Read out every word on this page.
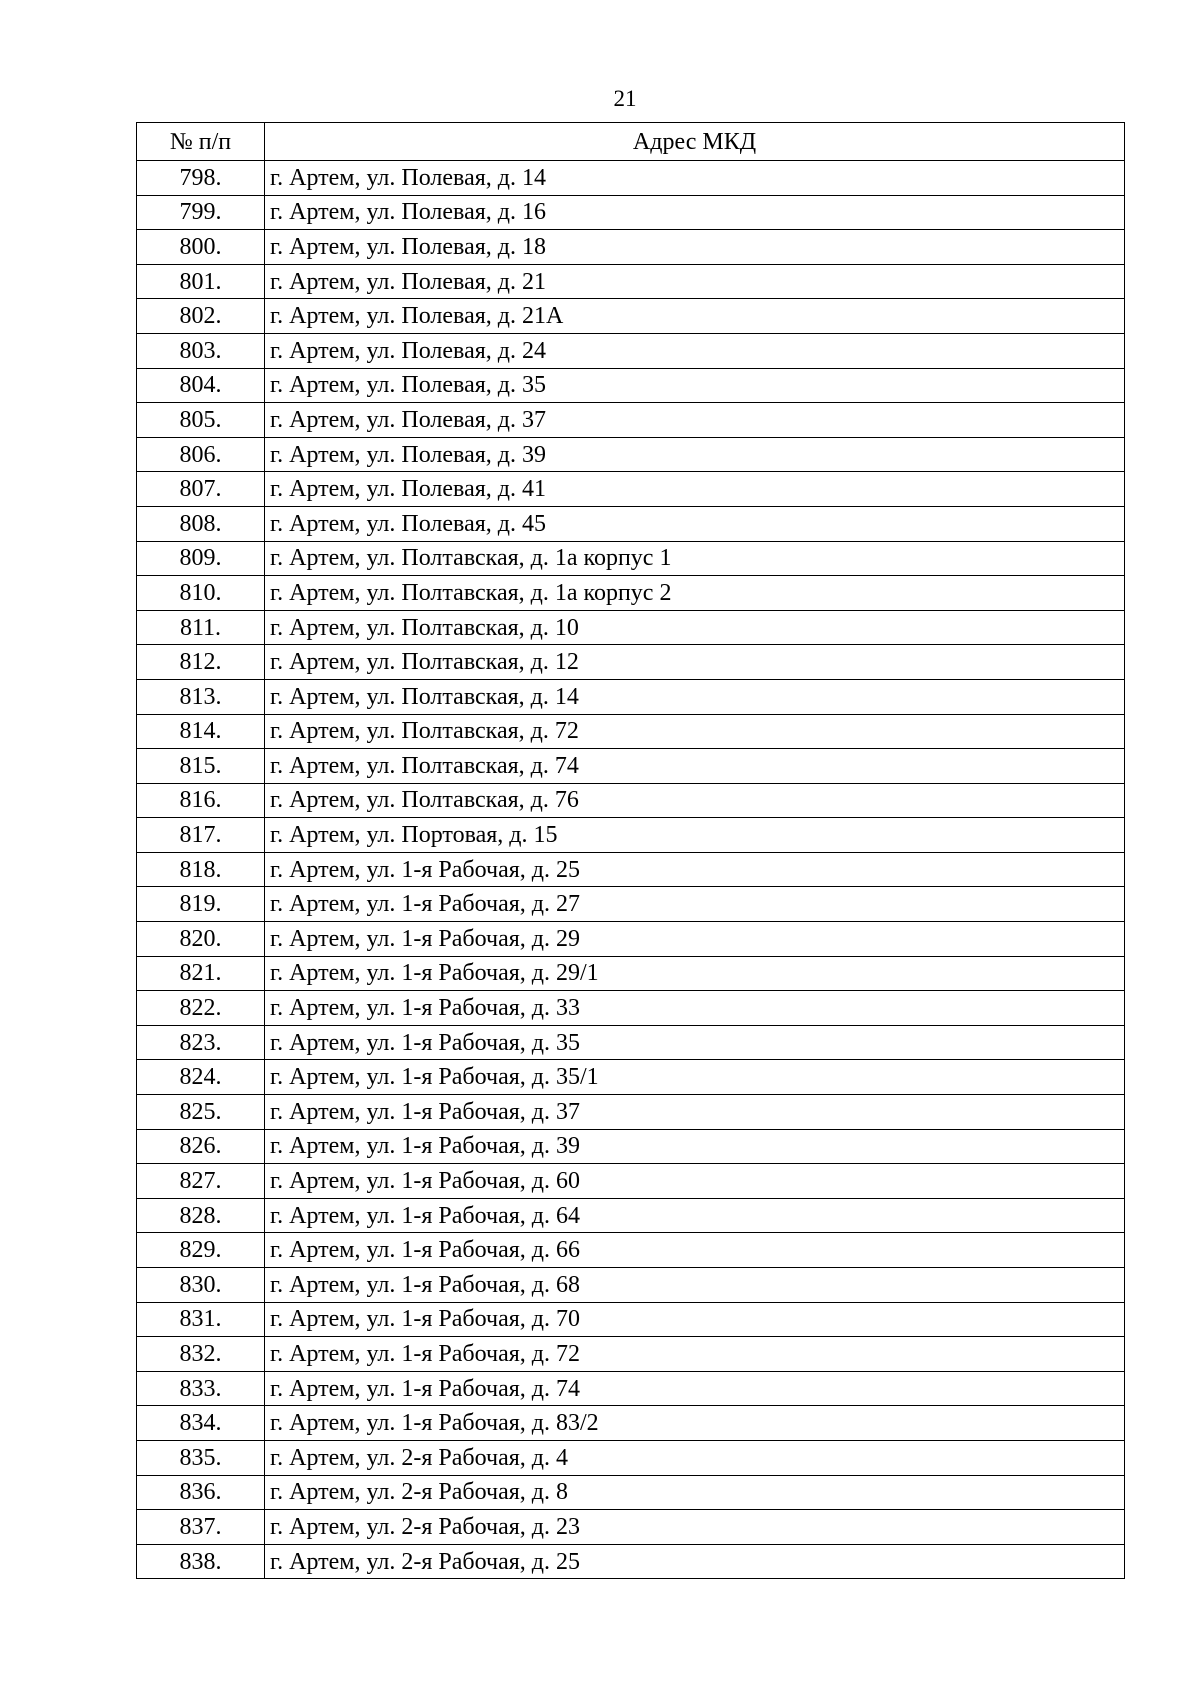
21
№ п/п	Адрес МКД
798.	г. Артем, ул. Полевая, д. 14
799.	г. Артем, ул. Полевая, д. 16
800.	г. Артем, ул. Полевая, д. 18
801.	г. Артем, ул. Полевая, д. 21
802.	г. Артем, ул. Полевая, д. 21А
803.	г. Артем, ул. Полевая, д. 24
804.	г. Артем, ул. Полевая, д. 35
805.	г. Артем, ул. Полевая, д. 37
806.	г. Артем, ул. Полевая, д. 39
807.	г. Артем, ул. Полевая, д. 41
808.	г. Артем, ул. Полевая, д. 45
809.	г. Артем, ул. Полтавская, д. 1а корпус 1
810.	г. Артем, ул. Полтавская, д. 1а корпус 2
811.	г. Артем, ул. Полтавская, д. 10
812.	г. Артем, ул. Полтавская, д. 12
813.	г. Артем, ул. Полтавская, д. 14
814.	г. Артем, ул. Полтавская, д. 72
815.	г. Артем, ул. Полтавская, д. 74
816.	г. Артем, ул. Полтавская, д. 76
817.	г. Артем, ул. Портовая, д. 15
818.	г. Артем, ул. 1-я Рабочая, д. 25
819.	г. Артем, ул. 1-я Рабочая, д. 27
820.	г. Артем, ул. 1-я Рабочая, д. 29
821.	г. Артем, ул. 1-я Рабочая, д. 29/1
822.	г. Артем, ул. 1-я Рабочая, д. 33
823.	г. Артем, ул. 1-я Рабочая, д. 35
824.	г. Артем, ул. 1-я Рабочая, д. 35/1
825.	г. Артем, ул. 1-я Рабочая, д. 37
826.	г. Артем, ул. 1-я Рабочая, д. 39
827.	г. Артем, ул. 1-я Рабочая, д. 60
828.	г. Артем, ул. 1-я Рабочая, д. 64
829.	г. Артем, ул. 1-я Рабочая, д. 66
830.	г. Артем, ул. 1-я Рабочая, д. 68
831.	г. Артем, ул. 1-я Рабочая, д. 70
832.	г. Артем, ул. 1-я Рабочая, д. 72
833.	г. Артем, ул. 1-я Рабочая, д. 74
834.	г. Артем, ул. 1-я Рабочая, д. 83/2
835.	г. Артем, ул. 2-я Рабочая, д. 4
836.	г. Артем, ул. 2-я Рабочая, д. 8
837.	г. Артем, ул. 2-я Рабочая, д. 23
838.	г. Артем, ул. 2-я Рабочая, д. 25
